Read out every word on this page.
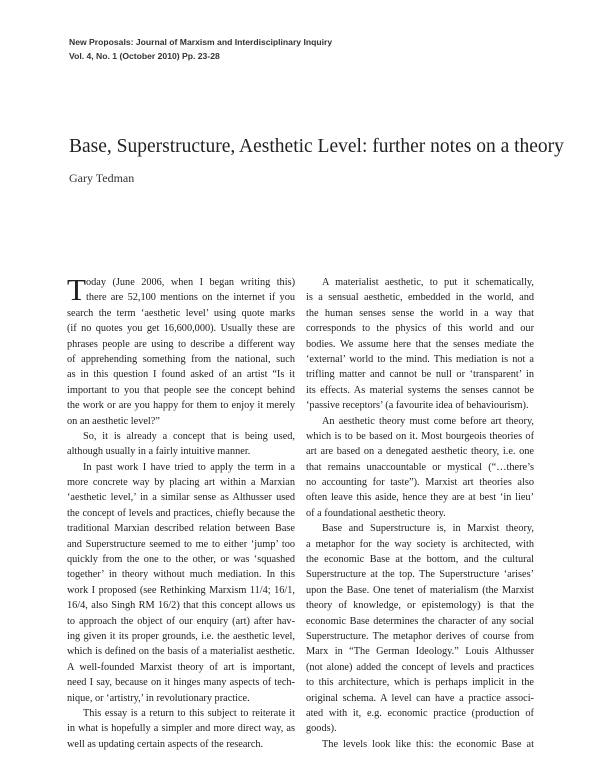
New Proposals: Journal of Marxism and Interdisciplinary Inquiry
Vol. 4, No. 1 (October 2010) Pp. 23-28
Base, Superstructure, Aesthetic Level: further notes on a theory
Gary Tedman
T oday (June 2006, when I began writing this)
there are 52,100 mentions on the internet if you
search the term ‘aesthetic level’ using quote marks
(if no quotes you get 16,600,000). Usually these are
phrases people are using to describe a different way
of apprehending something from the national, such
as in this question I found asked of an artist “Is it
important to you that people see the concept behind
the work or are you happy for them to enjoy it merely
on an aesthetic level?”
So, it is already a concept that is being used,
although usually in a fairly intuitive manner.
In past work I have tried to apply the term in a
more concrete way by placing art within a Marxian
‘aesthetic level,’ in a similar sense as Althusser used
the concept of levels and practices, chiefly because the
traditional Marxian described relation between Base
and Superstructure seemed to me to either ‘jump’ too
quickly from the one to the other, or was ‘squashed
together’ in theory without much mediation. In this
work I proposed (see Rethinking Marxism 11/4; 16/1,
16/4, also Singh RM 16/2) that this concept allows us
to approach the object of our enquiry (art) after hav-
ing given it its proper grounds, i.e. the aesthetic level,
which is defined on the basis of a materialist aesthetic.
A well-founded Marxist theory of art is important,
need I say, because on it hinges many aspects of tech-
nique, or ‘artistry,’ in revolutionary practice.
This essay is a return to this subject to reiterate it
in what is hopefully a simpler and more direct way, as
well as updating certain aspects of the research.
A materialist aesthetic, to put it schematically,
is a sensual aesthetic, embedded in the world, and
the human senses sense the world in a way that
corresponds to the physics of this world and our
bodies. We assume here that the senses mediate the
‘external’ world to the mind. This mediation is not a
trifling matter and cannot be null or ‘transparent’ in
its effects. As material systems the senses cannot be
‘passive receptors’ (a favourite idea of behaviourism).
An aesthetic theory must come before art theory,
which is to be based on it. Most bourgeois theories of
art are based on a denegated aesthetic theory, i.e. one
that remains unaccountable or mystical (“…there’s
no accounting for taste”). Marxist art theories also
often leave this aside, hence they are at best ‘in lieu’
of a foundational aesthetic theory.
Base and Superstructure is, in Marxist theory,
a metaphor for the way society is architected, with
the economic Base at the bottom, and the cultural
Superstructure at the top. The Superstructure ‘arises’
upon the Base. One tenet of materialism (the Marxist
theory of knowledge, or epistemology) is that the
economic Base determines the character of any social
Superstructure. The metaphor derives of course from
Marx in “The German Ideology.” Louis Althusser
(not alone) added the concept of levels and practices
to this architecture, which is perhaps implicit in the
original schema. A level can have a practice associ-
ated with it, e.g. economic practice (production of
goods).
The levels look like this: the economic Base at
